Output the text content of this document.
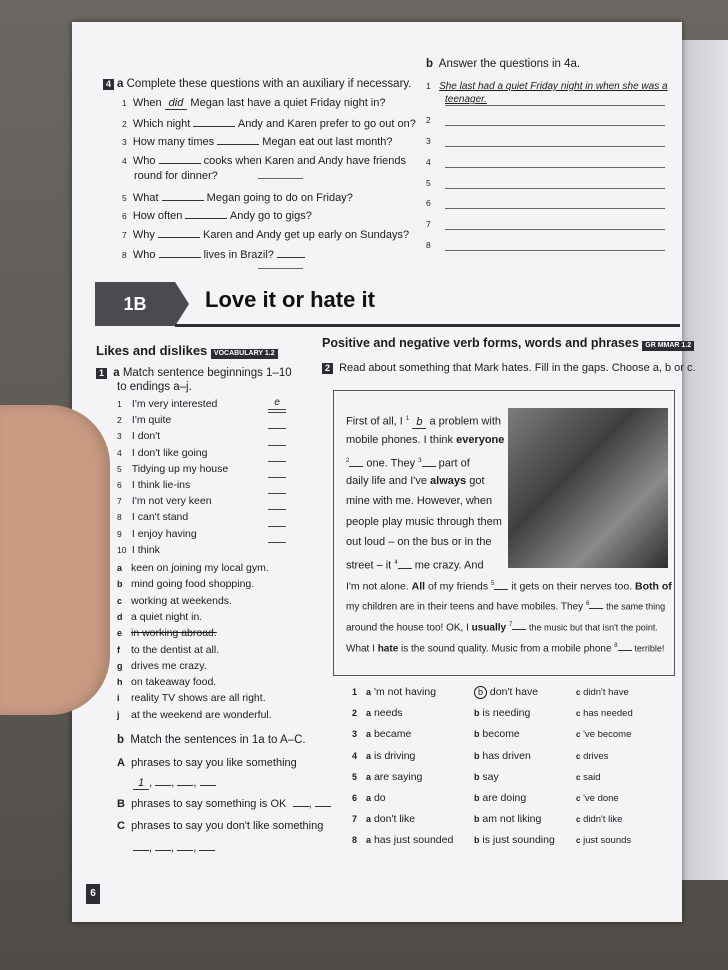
4 a Complete these questions with an auxiliary if necessary.
1 When did Megan last have a quiet Friday night in?
2 Which night	Andy and Karen prefer to go out on?
3 How many times	Megan eat out last month?
4 Who	cooks when Karen and Andy have friends
round for dinner?
5 What	Megan going to do on Friday?
6 How often	Andy go to gigs?
7 Why	Karen and Andy get up early on Sundays?
8 Who	lives in Brazil?
b Answer the questions in 4a.
1 She last had a quiet Friday night in when she was a
teenager.
2
3
4
5
6
7
8
1B	Love it or hate it
Likes and dislikes VOCABULARY 1.2
1 a Match sentence beginnings 1–10
to endings a–j.
1 I'm very interested	e
2 I'm quite
3 I don't
4 I don't like going
5 Tidying up my house
6 I think lie-ins
7 I'm not very keen
8 I can't stand
9 I enjoy having
10 I think
a keen on joining my local gym.
b mind going food shopping.
c working at weekends.
d a quiet night in.
e in working abroad.
f to the dentist at all.
g drives me crazy.
h on takeaway food.
i reality TV shows are all right.
j at the weekend are wonderful.
b Match the sentences in 1a to A–C.
A phrases to say you like something
1 , , ,
B phrases to say something is OK ,
C phrases to say you don't like something
, , ,
Positive and negative verb forms, words and phrases GR MMAR 1.2
2 Read about something that Mark hates. Fill in the gaps. Choose a, b or c.
First of all, I $^1$ b a problem with
mobile phones. I think everyone
$^2$ one. They $^3$ part of
daily life and I've always got
mine with me. However, when
people play music through them
out loud – on the bus or in the
street – it $^4$ me crazy. And
I'm not alone. All of my friends $^5$ it gets on their nerves too. Both of
my children are in their teens and have mobiles. They $^6$ the same thing
around the house too! OK, I usually $^7$ the music but that isn't the point.
What I hate is the sound quality. Music from a mobile phone $^8$ terrible!
1 a 'm not having	b don't have	c didn't have
2 a needs	b is needing	c has needed
3 a became	b become	c 've become
4 a is driving	b has driven	c drives
5 a are saying	b say	c said
6 a do	b are doing	c 've done
7 a don't like	b am not liking	c didn't like
8 a has just sounded b is just sounding	c just sounds
6
